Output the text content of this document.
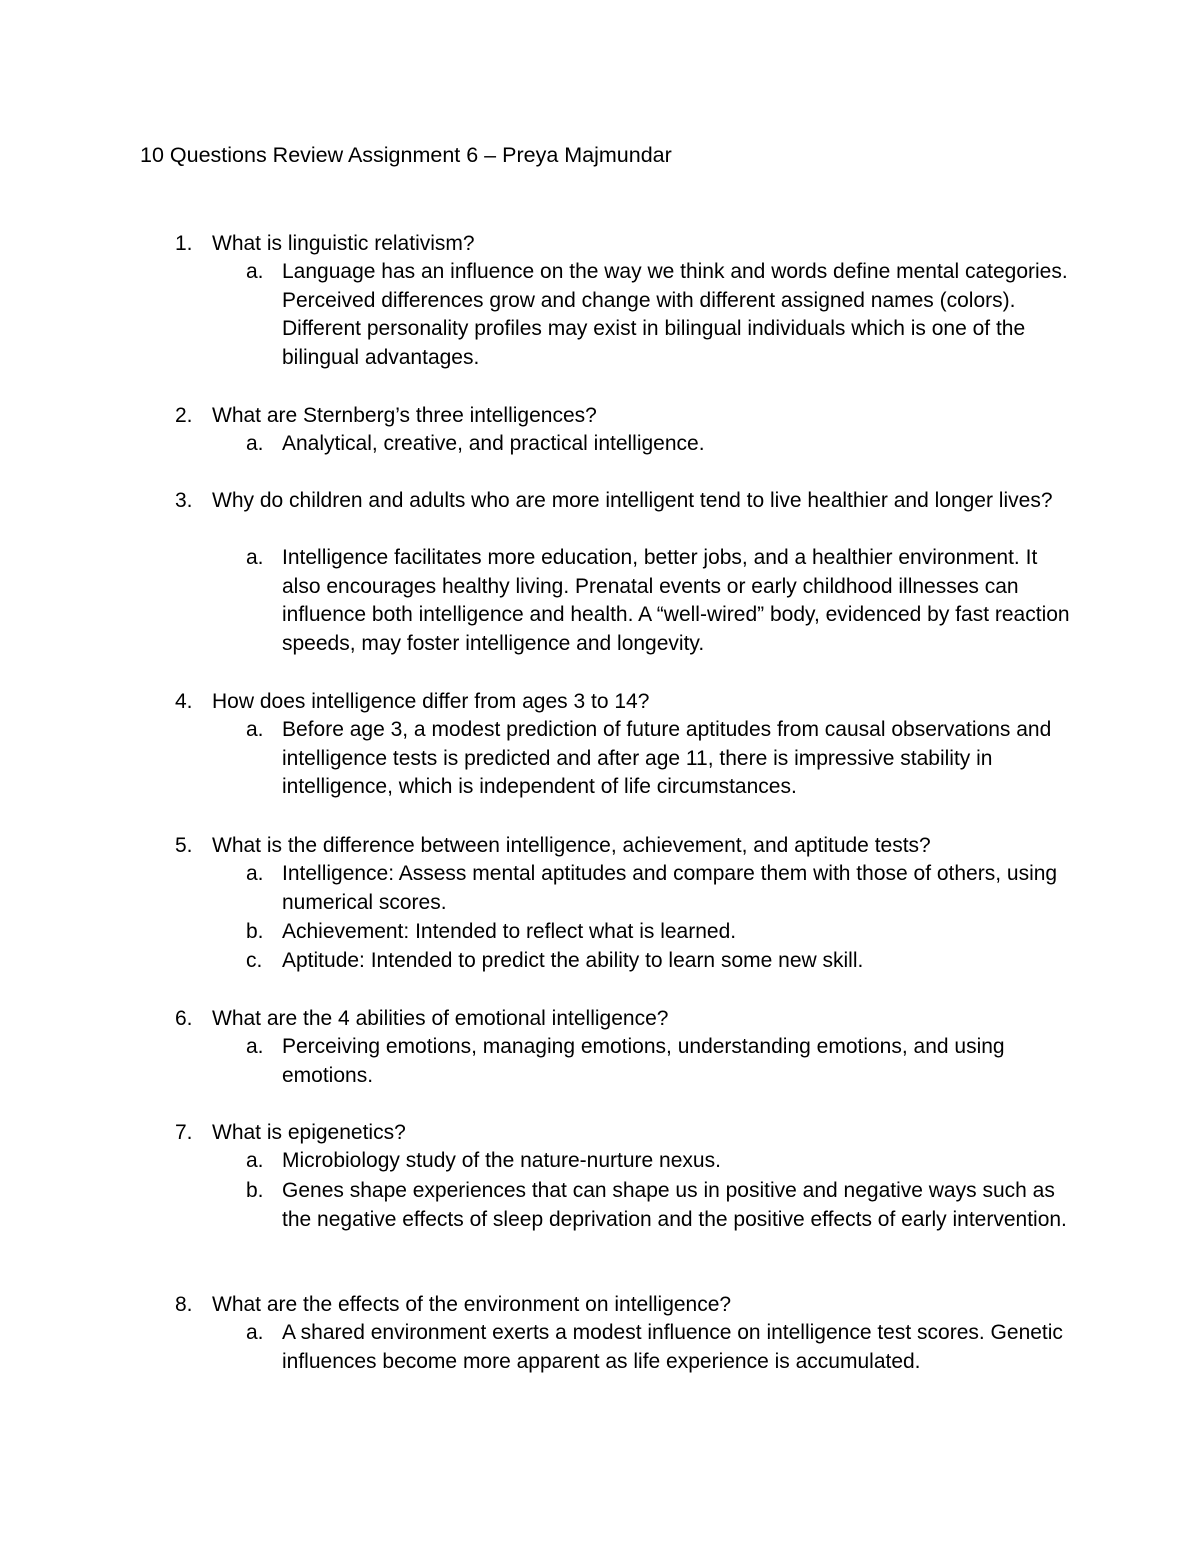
10 Questions Review Assignment 6 – Preya Majmundar
1. What is linguistic relativism?
a. Language has an influence on the way we think and words define mental categories. Perceived differences grow and change with different assigned names (colors). Different personality profiles may exist in bilingual individuals which is one of the bilingual advantages.
2. What are Sternberg’s three intelligences?
a. Analytical, creative, and practical intelligence.
3. Why do children and adults who are more intelligent tend to live healthier and longer lives?
a. Intelligence facilitates more education, better jobs, and a healthier environment. It also encourages healthy living. Prenatal events or early childhood illnesses can influence both intelligence and health. A “well-wired” body, evidenced by fast reaction speeds, may foster intelligence and longevity.
4. How does intelligence differ from ages 3 to 14?
a. Before age 3, a modest prediction of future aptitudes from causal observations and intelligence tests is predicted and after age 11, there is impressive stability in intelligence, which is independent of life circumstances.
5. What is the difference between intelligence, achievement, and aptitude tests?
a. Intelligence: Assess mental aptitudes and compare them with those of others, using numerical scores.
b. Achievement: Intended to reflect what is learned.
c. Aptitude: Intended to predict the ability to learn some new skill.
6. What are the 4 abilities of emotional intelligence?
a. Perceiving emotions, managing emotions, understanding emotions, and using emotions.
7. What is epigenetics?
a. Microbiology study of the nature-nurture nexus.
b. Genes shape experiences that can shape us in positive and negative ways such as the negative effects of sleep deprivation and the positive effects of early intervention.
8. What are the effects of the environment on intelligence?
a. A shared environment exerts a modest influence on intelligence test scores. Genetic influences become more apparent as life experience is accumulated.
